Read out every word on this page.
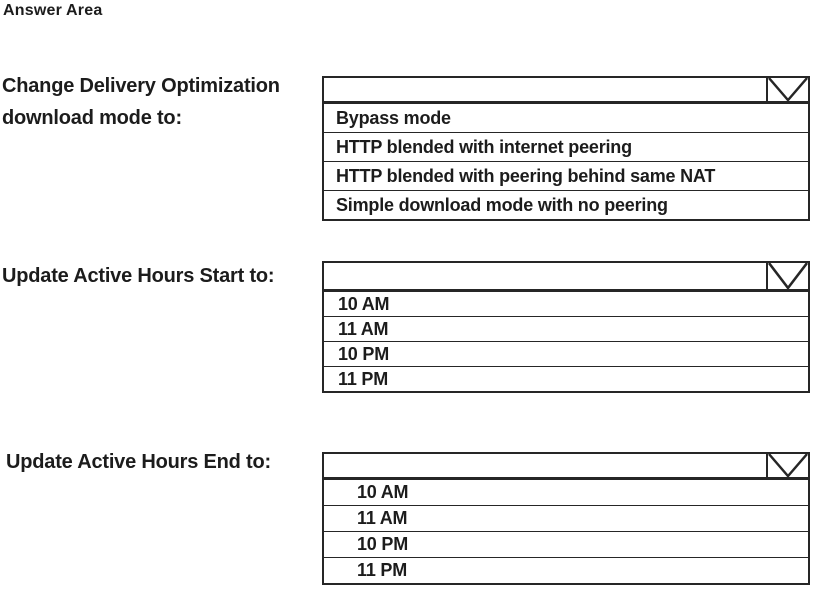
Answer Area
Change Delivery Optimization
download mode to:	Bypass mode
HTTP blended with internet peering
HTTP blended with peering behind same NAT
Simple download mode with no peering
Update Active Hours Start to:
10 AM
11 AM
10 PM
11 PM
Update Active Hours End to:
10 AM
11 AM
10 PM
11 PM
